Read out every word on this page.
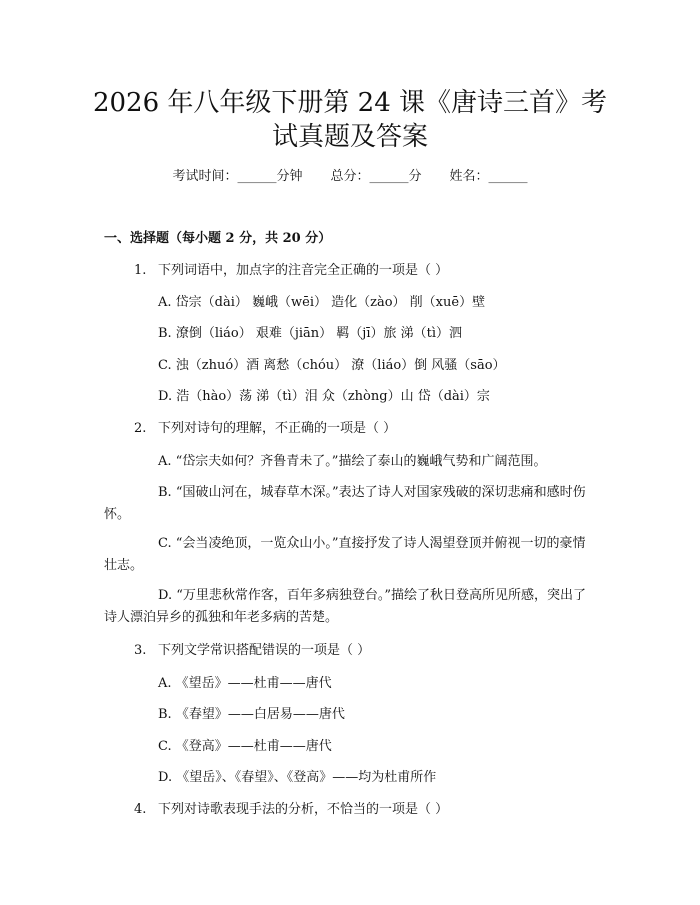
2026 年八年级下册第 24 课《唐诗三首》考
试真题及答案
考试时间：______分钟 总分：______分 姓名：______
一、选择题（每小题 2 分，共 20 分）
1. 下列词语中，加点字的注音完全正确的一项是（ ）
A. 岱宗（dài） 巍峨（wēi） 造化（zào） 削（xuē）壁
B. 潦倒（liáo） 艰难（jiān） 羁（jī）旅 涕（tì）泗
C. 浊（zhuó）酒 离愁（chóu） 潦（liáo）倒 风骚（sāo）
D. 浩（hào）荡 涕（tì）泪 众（zhòng）山 岱（dài）宗
2. 下列对诗句的理解，不正确的一项是（ ）
A. “岱宗夫如何？齐鲁青未了。”描绘了泰山的巍峨气势和广阔范围。
B. “国破山河在，城春草木深。”表达了诗人对国家残破的深切悲痛和感时伤怀。
C. “会当凌绝顶，一览众山小。”直接抒发了诗人渴望登顶并俯视一切的豪情壮志。
D. “万里悲秋常作客，百年多病独登台。”描绘了秋日登高所见所感，突出了诗人漂泊异乡的孤独和年老多病的苦楚。
3. 下列文学常识搭配错误的一项是（ ）
A. 《望岳》——杜甫——唐代
B. 《春望》——白居易——唐代
C. 《登高》——杜甫——唐代
D. 《望岳》、《春望》、《登高》——均为杜甫所作
4. 下列对诗歌表现手法的分析，不恰当的一项是（ ）
